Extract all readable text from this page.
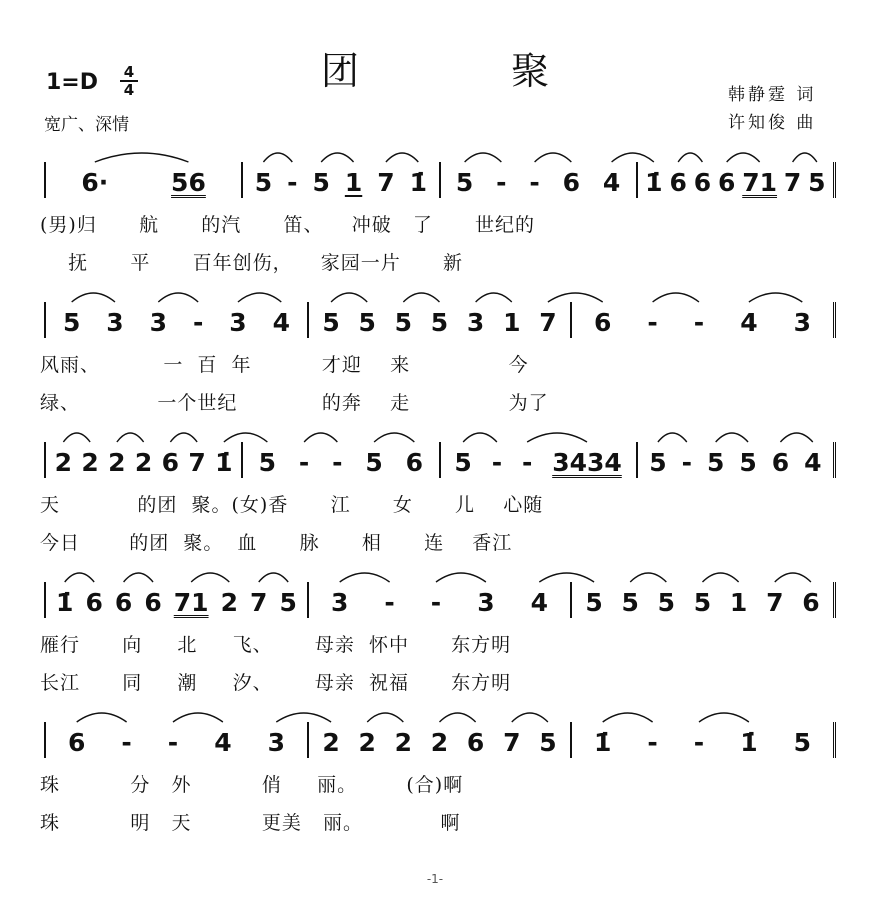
团 聚
1=D	4
4
宽广、深情
韩静霆 词
许知俊 曲
6·	56 5 - 5 1 7 1̇ 5 - - 6 4 1̇ 6 6 6 71 7 5
(男)归      航      的汽      笛、    冲破   了      世纪的
抚      平      百年创伤，    家园一片      新
5 3 3 - 3 4 5 5 5 5 3 1 7 6 - - 4 3
风雨、         一  百  年          才迎    来              今
绿、           一个世纪            的奔    走              为了
2 2 2 2 6 7 1̇ 5 - - 5 6 5 - - 3434 5 - 5 5 6 4
天           的团  聚。(女)香      江      女      儿    心随
今日       的团  聚。  血      脉      相      连    香江
1̇ 6 6 6 71 2 7 5 3 - - 3 4 5 5 5 5 1 7 6
雁行      向     北     飞、      母亲  怀中      东方明
长江      同     潮     汐、      母亲  祝福      东方明
6 - - 4 3 2 2 2 2 6 7 5 1̇ - - 1̇ 5
珠          分   外          俏     丽。       (合)啊
珠          明   天          更美   丽。           啊
-1-
